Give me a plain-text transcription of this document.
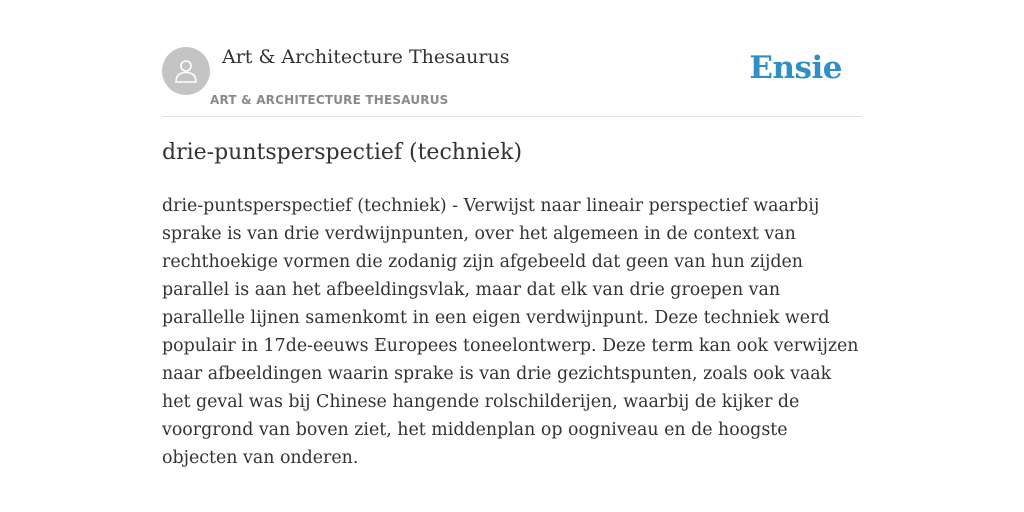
Art & Architecture Thesaurus
ART & ARCHITECTURE THESAURUS
Ensie
drie-puntsperspectief (techniek)

drie-puntsperspectief (techniek) - Verwijst naar lineair perspectief waarbij sprake is van drie verdwijnpunten, over het algemeen in de context van rechthoekige vormen die zodanig zijn afgebeeld dat geen van hun zijden parallel is aan het afbeeldingsvlak, maar dat elk van drie groepen van parallelle lijnen samenkomt in een eigen verdwijnpunt. Deze techniek werd populair in 17de-eeuws Europees toneelontwerp. Deze term kan ook verwijzen naar afbeeldingen waarin sprake is van drie gezichtspunten, zoals ook vaak het geval was bij Chinese hangende rolschilderijen, waarbij de kijker de voorgrond van boven ziet, het middenplan op oogniveau en de hoogste objecten van onderen.
